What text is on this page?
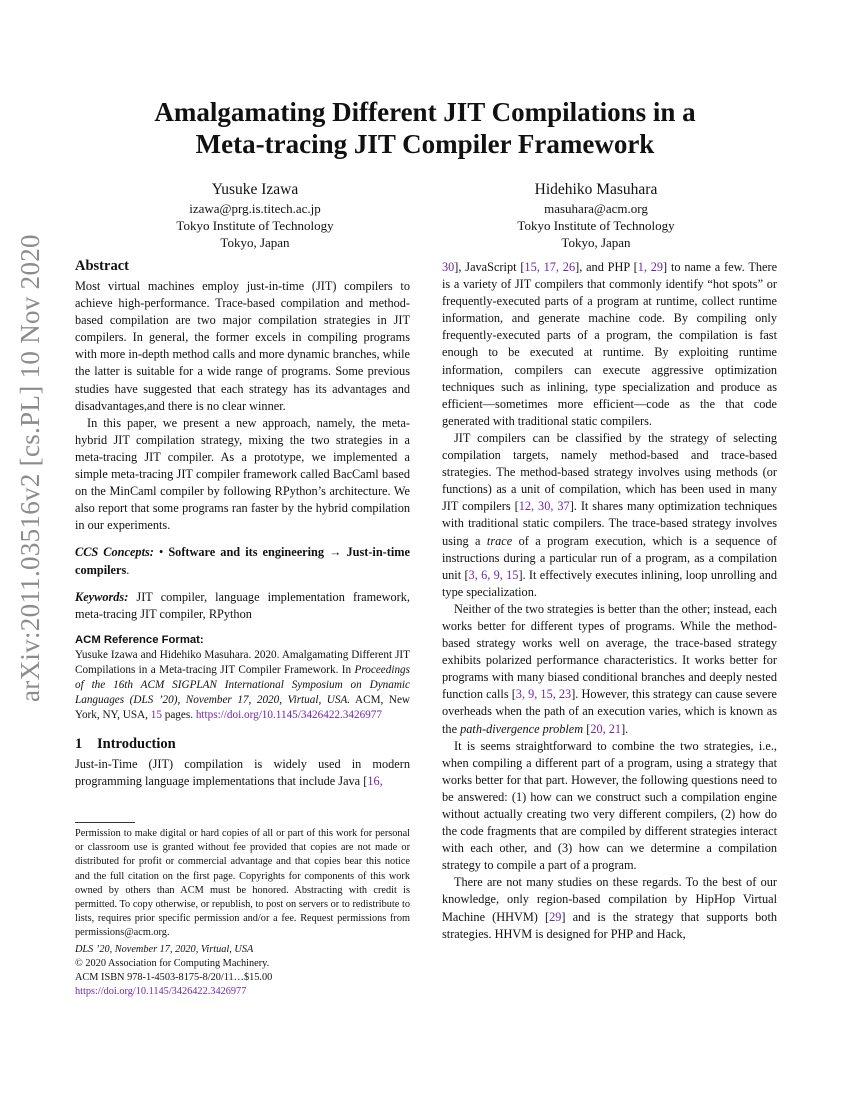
arXiv:2011.03516v2 [cs.PL] 10 Nov 2020
Amalgamating Different JIT Compilations in a
Meta-tracing JIT Compiler Framework
Yusuke Izawa
izawa@prg.is.titech.ac.jp
Tokyo Institute of Technology
Tokyo, Japan
Hidehiko Masuhara
masuhara@acm.org
Tokyo Institute of Technology
Tokyo, Japan
Abstract

Most virtual machines employ just-in-time (JIT) compilers to achieve high-performance. Trace-based compilation and method-based compilation are two major compilation strategies in JIT compilers. In general, the former excels in compiling programs with more in-depth method calls and more dynamic branches, while the latter is suitable for a wide range of programs. Some previous studies have suggested that each strategy has its advantages and disadvantages,and there is no clear winner.

In this paper, we present a new approach, namely, the meta-hybrid JIT compilation strategy, mixing the two strategies in a meta-tracing JIT compiler. As a prototype, we implemented a simple meta-tracing JIT compiler framework called BacCaml based on the MinCaml compiler by following RPython’s architecture. We also report that some programs ran faster by the hybrid compilation in our experiments.

CCS Concepts: • Software and its engineering → Just-in-time compilers.

Keywords: JIT compiler, language implementation framework, meta-tracing JIT compiler, RPython

ACM Reference Format:

Yusuke Izawa and Hidehiko Masuhara. 2020. Amalgamating Different JIT Compilations in a Meta-tracing JIT Compiler Framework. In Proceedings of the 16th ACM SIGPLAN International Symposium on Dynamic Languages (DLS ’20), November 17, 2020, Virtual, USA. ACM, New York, NY, USA, 15 pages. https://doi.org/10.1145/3426422.3426977

1 Introduction

Just-in-Time (JIT) compilation is widely used in modern programming language implementations that include Java [16,

Permission to make digital or hard copies of all or part of this work for personal or classroom use is granted without fee provided that copies are not made or distributed for profit or commercial advantage and that copies bear this notice and the full citation on the first page. Copyrights for components of this work owned by others than ACM must be honored. Abstracting with credit is permitted. To copy otherwise, or republish, to post on servers or to redistribute to lists, requires prior specific permission and/or a fee. Request permissions from permissions@acm.org.

DLS ’20, November 17, 2020, Virtual, USA

© 2020 Association for Computing Machinery.

ACM ISBN 978-1-4503-8175-8/20/11…$15.00

https://doi.org/10.1145/3426422.3426977

30], JavaScript [15, 17, 26], and PHP [1, 29] to name a few. There is a variety of JIT compilers that commonly identify “hot spots” or frequently-executed parts of a program at runtime, collect runtime information, and generate machine code. By compiling only frequently-executed parts of a program, the compilation is fast enough to be executed at runtime. By exploiting runtime information, compilers can execute aggressive optimization techniques such as inlining, type specialization and produce as efficient—sometimes more efficient—code as the that code generated with traditional static compilers.

JIT compilers can be classified by the strategy of selecting compilation targets, namely method-based and trace-based strategies. The method-based strategy involves using methods (or functions) as a unit of compilation, which has been used in many JIT compilers [12, 30, 37]. It shares many optimization techniques with traditional static compilers. The trace-based strategy involves using a trace of a program execution, which is a sequence of instructions during a particular run of a program, as a compilation unit [3, 6, 9, 15]. It effectively executes inlining, loop unrolling and type specialization.

Neither of the two strategies is better than the other; instead, each works better for different types of programs. While the method-based strategy works well on average, the trace-based strategy exhibits polarized performance characteristics. It works better for programs with many biased conditional branches and deeply nested function calls [3, 9, 15, 23]. However, this strategy can cause severe overheads when the path of an execution varies, which is known as the path-divergence problem [20, 21].

It is seems straightforward to combine the two strategies, i.e., when compiling a different part of a program, using a strategy that works better for that part. However, the following questions need to be answered: (1) how can we construct such a compilation engine without actually creating two very different compilers, (2) how do the code fragments that are compiled by different strategies interact with each other, and (3) how can we determine a compilation strategy to compile a part of a program.

There are not many studies on these regards. To the best of our knowledge, only region-based compilation by HipHop Virtual Machine (HHVM) [29] and is the strategy that supports both strategies. HHVM is designed for PHP and Hack,
